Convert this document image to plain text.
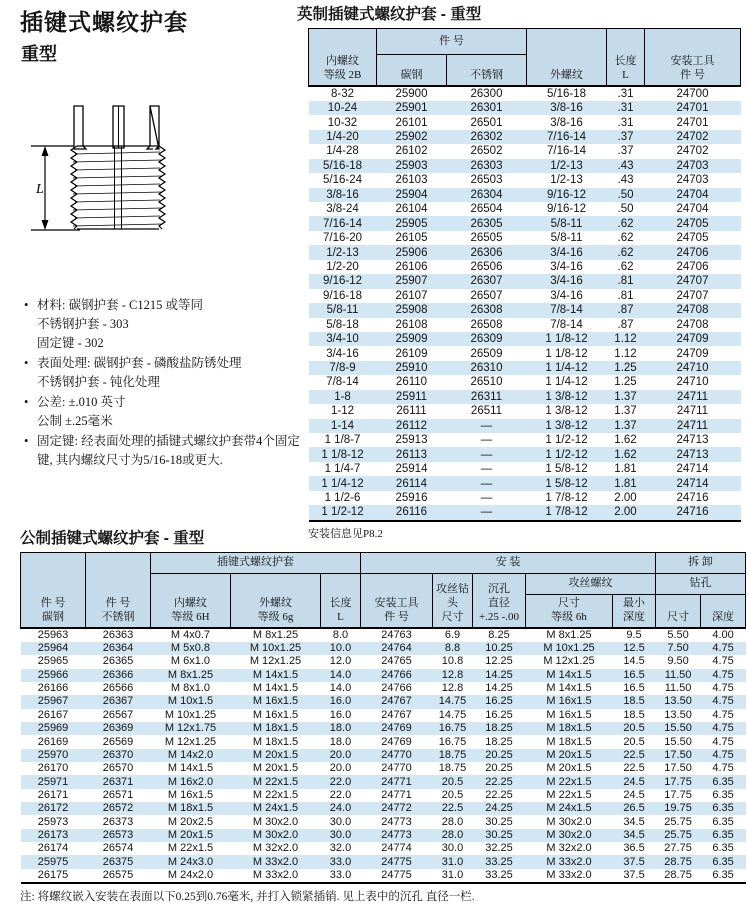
插键式螺纹护套
重型
L
• 材料: 碳钢护套 - C1215 或等同
不锈钢护套 - 303
固定键 - 302
• 表面处理: 碳钢护套 - 磷酸盐防锈处理
不锈钢护套 - 钝化处理
• 公差: ±.010 英寸
公制 ±.25毫米
• 固定键: 经表面处理的插键式螺纹护套带4个固定键, 其内螺纹尺寸为5/16-18或更大.
英制插键式螺纹护套 - 重型
内螺纹
等级 2B	件 号		外螺纹	长度
L	安装工具
件 号
	碳钢	不锈钢			
8-32	25900	26300	5/16-18	.31	24700
10-24	25901	26301	3/8-16	.31	24701
10-32	26101	26501	3/8-16	.31	24701
1/4-20	25902	26302	7/16-14	.37	24702
1/4-28	26102	26502	7/16-14	.37	24702
5/16-18	25903	26303	1/2-13	.43	24703
5/16-24	26103	26503	1/2-13	.43	24703
3/8-16	25904	26304	9/16-12	.50	24704
3/8-24	26104	26504	9/16-12	.50	24704
7/16-14	25905	26305	5/8-11	.62	24705
7/16-20	26105	26505	5/8-11	.62	24705
1/2-13	25906	26306	3/4-16	.62	24706
1/2-20	26106	26506	3/4-16	.62	24706
9/16-12	25907	26307	3/4-16	.81	24707
9/16-18	26107	26507	3/4-16	.81	24707
5/8-11	25908	26308	7/8-14	.87	24708
5/8-18	26108	26508	7/8-14	.87	24708
3/4-10	25909	26309	1 1/8-12	1.12	24709
3/4-16	26109	26509	1 1/8-12	1.12	24709
7/8-9	25910	26310	1 1/4-12	1.25	24710
7/8-14	26110	26510	1 1/4-12	1.25	24710
1-8	25911	26311	1 3/8-12	1.37	24711
1-12	26111	26511	1 3/8-12	1.37	24711
1-14	26112	—	1 3/8-12	1.37	24711
1 1/8-7	25913	—	1 1/2-12	1.62	24713
1 1/8-12	26113	—	1 1/2-12	1.62	24713
1 1/4-7	25914	—	1 5/8-12	1.81	24714
1 1/4-12	26114	—	1 5/8-12	1.81	24714
1 1/2-6	25916	—	1 7/8-12	2.00	24716
1 1/2-12	26116	—	1 7/8-12	2.00	24716
安装信息见P8.2
公制插键式螺纹护套 - 重型
件 号
碳钢	件 号
不锈钢	插键式螺纹护套			安 装					拆 卸	
		内螺纹
等级 6H	外螺纹
等级 6g	长度
L	安装工具
件 号	攻丝钻头
尺寸	沉孔
直径
+.25 -.00	攻丝螺纹		钻孔	
								尺寸
等级 6h	最小
深度	尺寸	深度
25963	26363	M 4x0.7	M 8x1.25	8.0	24763	6.9	8.25	M 8x1.25	9.5	5.50	4.00
25964	26364	M 5x0.8	M 10x1.25	10.0	24764	8.8	10.25	M 10x1.25	12.5	7.50	4.75
25965	26365	M 6x1.0	M 12x1.25	12.0	24765	10.8	12.25	M 12x1.25	14.5	9.50	4.75
25966	26366	M 8x1.25	M 14x1.5	14.0	24766	12.8	14.25	M 14x1.5	16.5	11.50	4.75
26166	26566	M 8x1.0	M 14x1.5	14.0	24766	12.8	14.25	M 14x1.5	16.5	11.50	4.75
25967	26367	M 10x1.5	M 16x1.5	16.0	24767	14.75	16.25	M 16x1.5	18.5	13.50	4.75
26167	26567	M 10x1.25	M 16x1.5	16.0	24767	14.75	16.25	M 16x1.5	18.5	13.50	4.75
25969	26369	M 12x1.75	M 18x1.5	18.0	24769	16.75	18.25	M 18x1.5	20.5	15.50	4.75
26169	26569	M 12x1.25	M 18x1.5	18.0	24769	16.75	18.25	M 18x1.5	20.5	15.50	4.75
25970	26370	M 14x2.0	M 20x1.5	20.0	24770	18.75	20.25	M 20x1.5	22.5	17.50	4.75
26170	26570	M 14x1.5	M 20x1.5	20.0	24770	18.75	20.25	M 20x1.5	22.5	17.50	4.75
25971	26371	M 16x2.0	M 22x1.5	22.0	24771	20.5	22.25	M 22x1.5	24.5	17.75	6.35
26171	26571	M 16x1.5	M 22x1.5	22.0	24771	20.5	22.25	M 22x1.5	24.5	17.75	6.35
26172	26572	M 18x1.5	M 24x1.5	24.0	24772	22.5	24.25	M 24x1.5	26.5	19.75	6.35
25973	26373	M 20x2.5	M 30x2.0	30.0	24773	28.0	30.25	M 30x2.0	34.5	25.75	6.35
26173	26573	M 20x1.5	M 30x2.0	30.0	24773	28.0	30.25	M 30x2.0	34.5	25.75	6.35
26174	26574	M 22x1.5	M 32x2.0	32.0	24774	30.0	32.25	M 32x2.0	36.5	27.75	6.35
25975	26375	M 24x3.0	M 33x2.0	33.0	24775	31.0	33.25	M 33x2.0	37.5	28.75	6.35
26175	26575	M 24x2.0	M 33x2.0	33.0	24775	31.0	33.25	M 33x2.0	37.5	28.75	6.35
注: 将螺纹嵌入安装在表面以下0.25到0.76毫米, 并打入锁紧插销. 见上表中的沉孔 直径一栏.
